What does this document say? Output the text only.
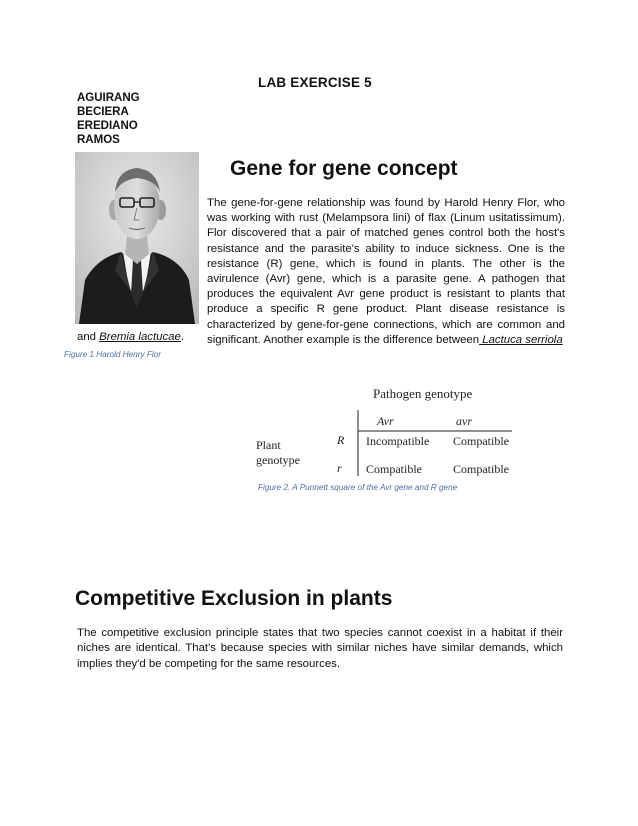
LAB EXERCISE 5
AGUIRANG
BECIERA
EREDIANO
RAMOS
Gene for gene concept
The gene-for-gene relationship was found by Harold Henry Flor, who was working with rust (Melampsora lini) of flax (Linum usitatissimum). Flor discovered that a pair of matched genes control both the host's resistance and the parasite's ability to induce sickness. One is the resistance (R) gene, which is found in plants. The other is the avirulence (Avr) gene, which is a parasite gene. A pathogen that produces the equivalent Avr gene product is resistant to plants that produce a specific R gene product. Plant disease resistance is characterized by gene-for-gene connections, which are common and significant. Another example is the difference between Lactuca serriola
and Bremia lactucae.
Figure 1 Harold Henry Flor
Pathogen genotype
Avr	avr
Plant
genotype
R
r
Incompatible Compatible
Compatible	Compatible
Figure 2. A Punnett square of the Avr gene and R gene
Competitive Exclusion in plants
The competitive exclusion principle states that two species cannot coexist in a habitat if their niches are identical. That's because species with similar niches have similar demands, which implies they'd be competing for the same resources.
